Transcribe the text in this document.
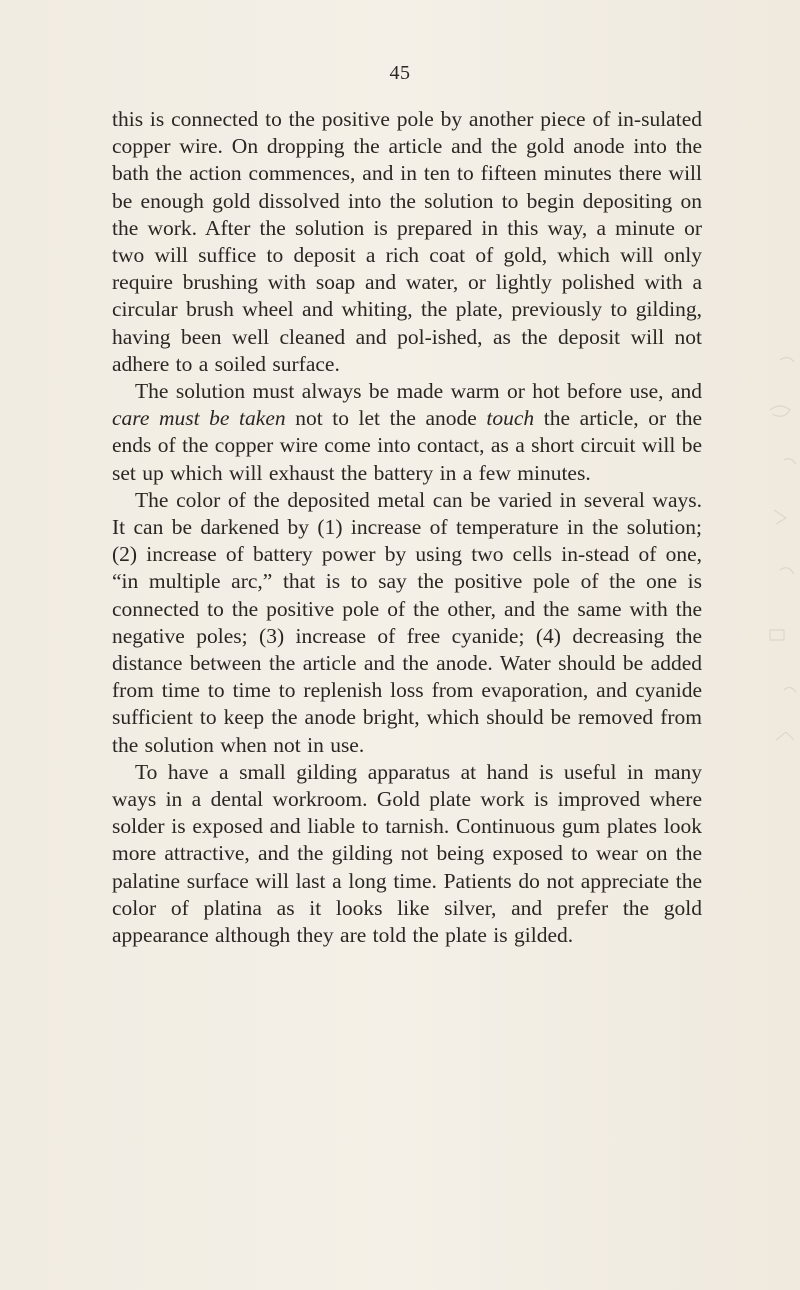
45

this is connected to the positive pole by another piece of in-sulated copper wire. On dropping the article and the gold anode into the bath the action commences, and in ten to fifteen minutes there will be enough gold dissolved into the solution to begin depositing on the work. After the solution is prepared in this way, a minute or two will suffice to deposit a rich coat of gold, which will only require brushing with soap and water, or lightly polished with a circular brush wheel and whiting, the plate, previously to gilding, having been well cleaned and pol-ished, as the deposit will not adhere to a soiled surface.

The solution must always be made warm or hot before use, and care must be taken not to let the anode touch the article, or the ends of the copper wire come into contact, as a short circuit will be set up which will exhaust the battery in a few minutes.

The color of the deposited metal can be varied in several ways. It can be darkened by (1) increase of temperature in the solution; (2) increase of battery power by using two cells in-stead of one, “in multiple arc,” that is to say the positive pole of the one is connected to the positive pole of the other, and the same with the negative poles; (3) increase of free cyanide; (4) decreasing the distance between the article and the anode. Water should be added from time to time to replenish loss from evaporation, and cyanide sufficient to keep the anode bright, which should be removed from the solution when not in use.

To have a small gilding apparatus at hand is useful in many ways in a dental workroom. Gold plate work is improved where solder is exposed and liable to tarnish. Continuous gum plates look more attractive, and the gilding not being exposed to wear on the palatine surface will last a long time. Patients do not appreciate the color of platina as it looks like silver, and prefer the gold appearance although they are told the plate is gilded.
